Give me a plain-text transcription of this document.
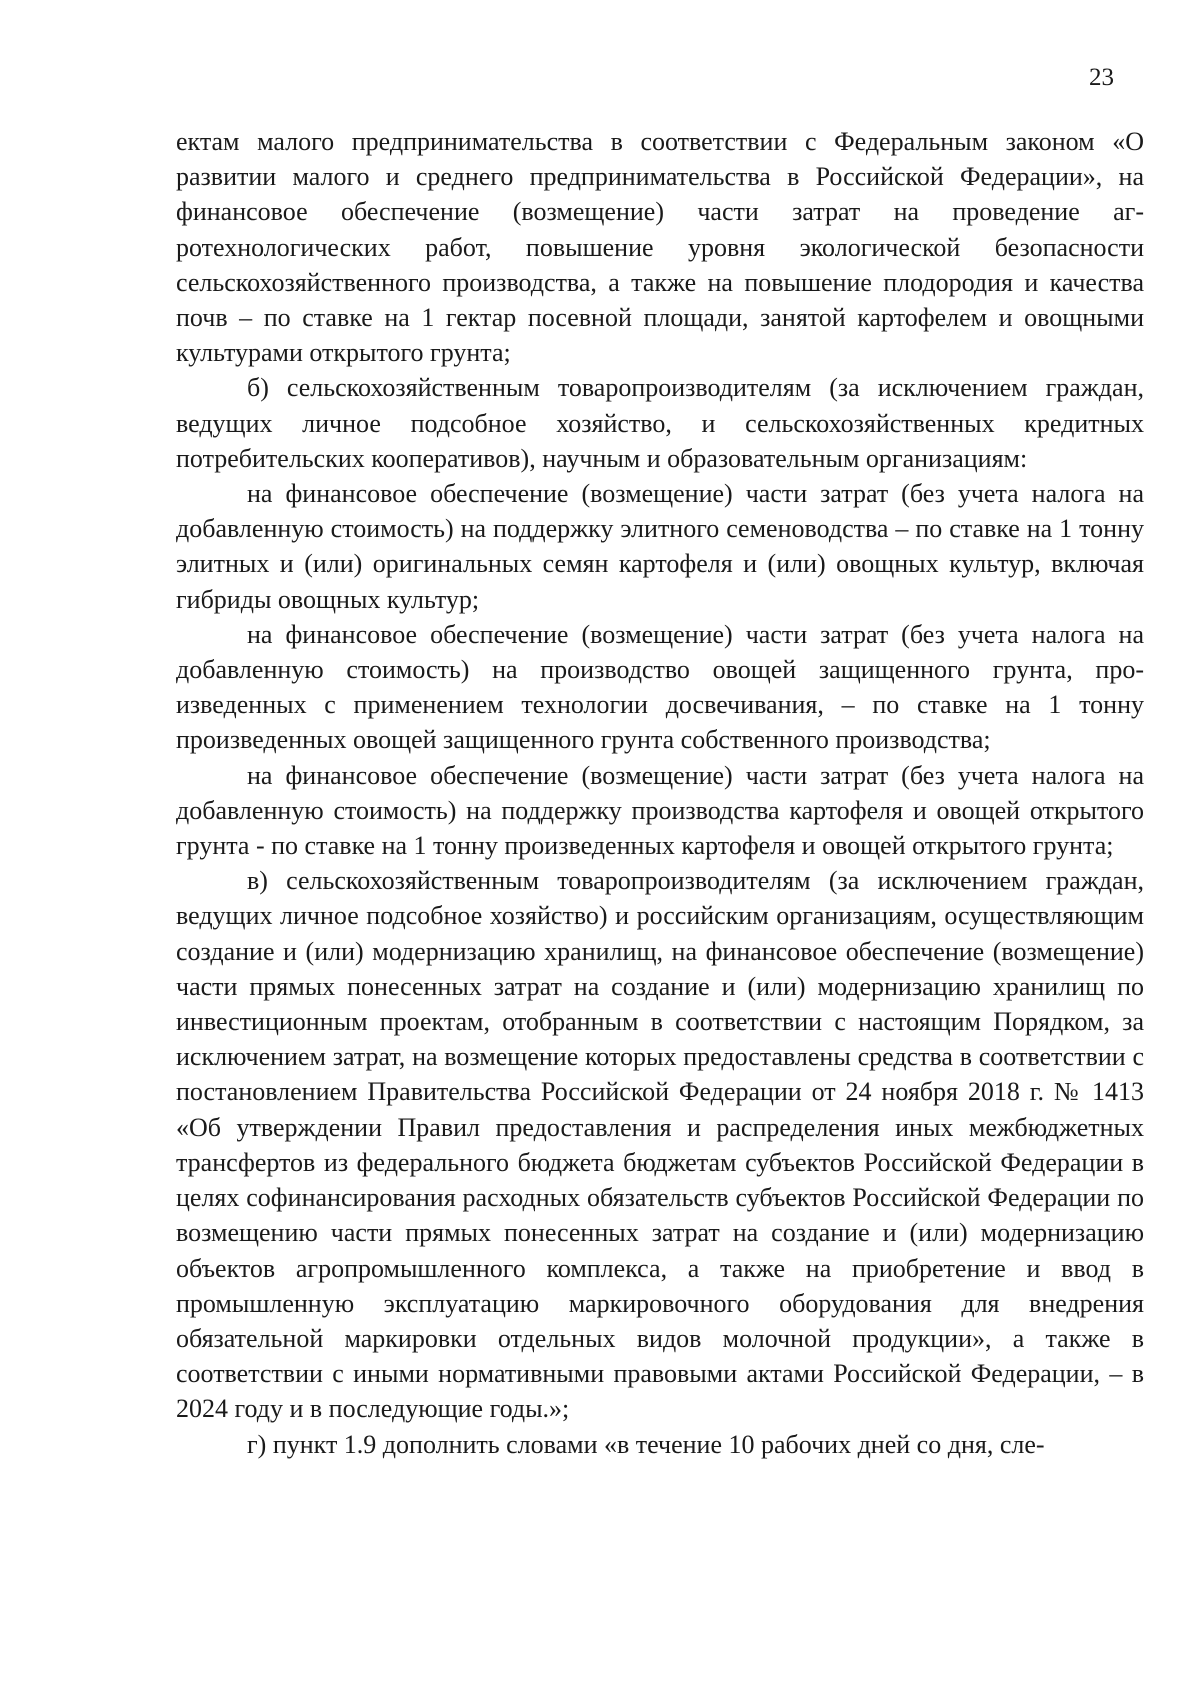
23

ектам малого предпринимательства в соответствии с Федеральным законом «О развитии малого и среднего предпринимательства в Российской Федерации», на финансовое обеспечение (возмещение) части затрат на проведение агротехнологических работ, повышение уровня экологической безопасности сельскохозяйственного производства, а также на повышение плодородия и качества почв – по ставке на 1 гектар посевной площади, занятой картофелем и овощными культурами открытого грунта;

б) сельскохозяйственным товаропроизводителям (за исключением граждан, ведущих личное подсобное хозяйство, и сельскохозяйственных кредитных потребительских кооперативов), научным и образовательным организациям:

на финансовое обеспечение (возмещение) части затрат (без учета налога на добавленную стоимость) на поддержку элитного семеноводства – по ставке на 1 тонну элитных и (или) оригинальных семян картофеля и (или) овощных культур, включая гибриды овощных культур;

на финансовое обеспечение (возмещение) части затрат (без учета налога на добавленную стоимость) на производство овощей защищенного грунта, произведенных с применением технологии досвечивания, – по ставке на 1 тонну произведенных овощей защищенного грунта собственного производства;

на финансовое обеспечение (возмещение) части затрат (без учета налога на добавленную стоимость) на поддержку производства картофеля и овощей открытого грунта - по ставке на 1 тонну произведенных картофеля и овощей открытого грунта;

в) сельскохозяйственным товаропроизводителям (за исключением граждан, ведущих личное подсобное хозяйство) и российским организациям, осуществляющим создание и (или) модернизацию хранилищ, на финансовое обеспечение (возмещение) части прямых понесенных затрат на создание и (или) модернизацию хранилищ по инвестиционным проектам, отобранным в соответствии с настоящим Порядком, за исключением затрат, на возмещение которых предоставлены средства в соответствии с постановлением Правительства Российской Федерации от 24 ноября 2018 г. № 1413 «Об утверждении Правил предоставления и распределения иных межбюджетных трансфертов из федерального бюджета бюджетам субъектов Российской Федерации в целях софинансирования расходных обязательств субъектов Российской Федерации по возмещению части прямых понесенных затрат на создание и (или) модернизацию объектов агропромышленного комплекса, а также на приобретение и ввод в промышленную эксплуатацию маркировочного оборудования для внедрения обязательной маркировки отдельных видов молочной продукции», а также в соответствии с иными нормативными правовыми актами Российской Федерации, – в 2024 году и в последующие годы.»;

г) пункт 1.9 дополнить словами «в течение 10 рабочих дней со дня, сле-
